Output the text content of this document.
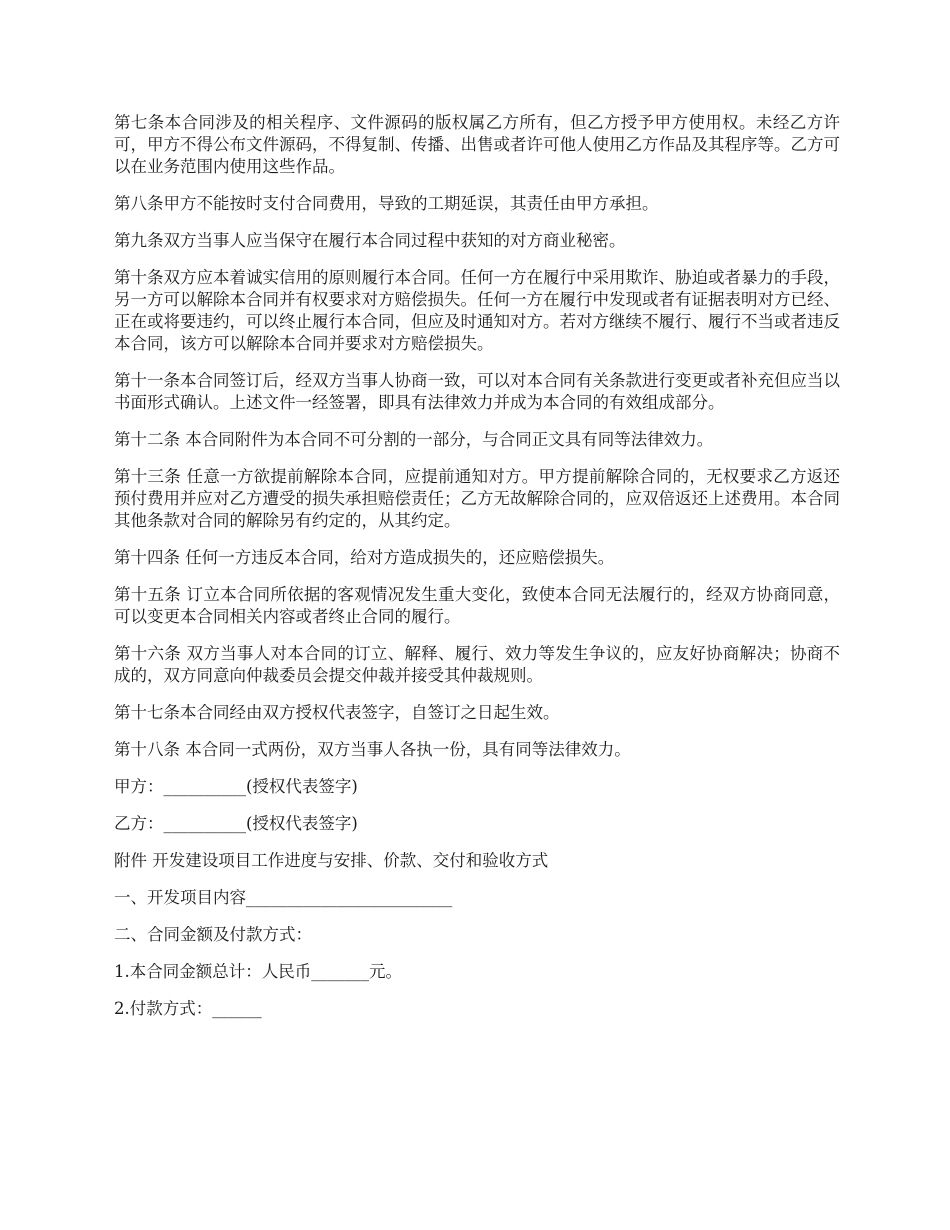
第七条本合同涉及的相关程序、文件源码的版权属乙方所有，但乙方授予甲方使用权。未经乙方许可，甲方不得公布文件源码，不得复制、传播、出售或者许可他人使用乙方作品及其程序等。乙方可以在业务范围内使用这些作品。

第八条甲方不能按时支付合同费用，导致的工期延误，其责任由甲方承担。

第九条双方当事人应当保守在履行本合同过程中获知的对方商业秘密。

第十条双方应本着诚实信用的原则履行本合同。任何一方在履行中采用欺诈、胁迫或者暴力的手段，另一方可以解除本合同并有权要求对方赔偿损失。任何一方在履行中发现或者有证据表明对方已经、正在或将要违约，可以终止履行本合同，但应及时通知对方。若对方继续不履行、履行不当或者违反本合同，该方可以解除本合同并要求对方赔偿损失。

第十一条本合同签订后，经双方当事人协商一致，可以对本合同有关条款进行变更或者补充但应当以书面形式确认。上述文件一经签署，即具有法律效力并成为本合同的有效组成部分。

第十二条 本合同附件为本合同不可分割的一部分，与合同正文具有同等法律效力。

第十三条 任意一方欲提前解除本合同，应提前通知对方。甲方提前解除合同的，无权要求乙方返还预付费用并应对乙方遭受的损失承担赔偿责任；乙方无故解除合同的，应双倍返还上述费用。本合同其他条款对合同的解除另有约定的，从其约定。

第十四条 任何一方违反本合同，给对方造成损失的，还应赔偿损失。

第十五条 订立本合同所依据的客观情况发生重大变化，致使本合同无法履行的，经双方协商同意，可以变更本合同相关内容或者终止合同的履行。

第十六条 双方当事人对本合同的订立、解释、履行、效力等发生争议的，应友好协商解决；协商不成的，双方同意向仲裁委员会提交仲裁并接受其仲裁规则。

第十七条本合同经由双方授权代表签字，自签订之日起生效。

第十八条 本合同一式两份，双方当事人各执一份，具有同等法律效力。

甲方：__________(授权代表签字)

乙方：__________(授权代表签字)

附件 开发建设项目工作进度与安排、价款、交付和验收方式

一、开发项目内容_________________________

二、合同金额及付款方式：

1.本合同金额总计：人民币_______元。

2.付款方式：______
